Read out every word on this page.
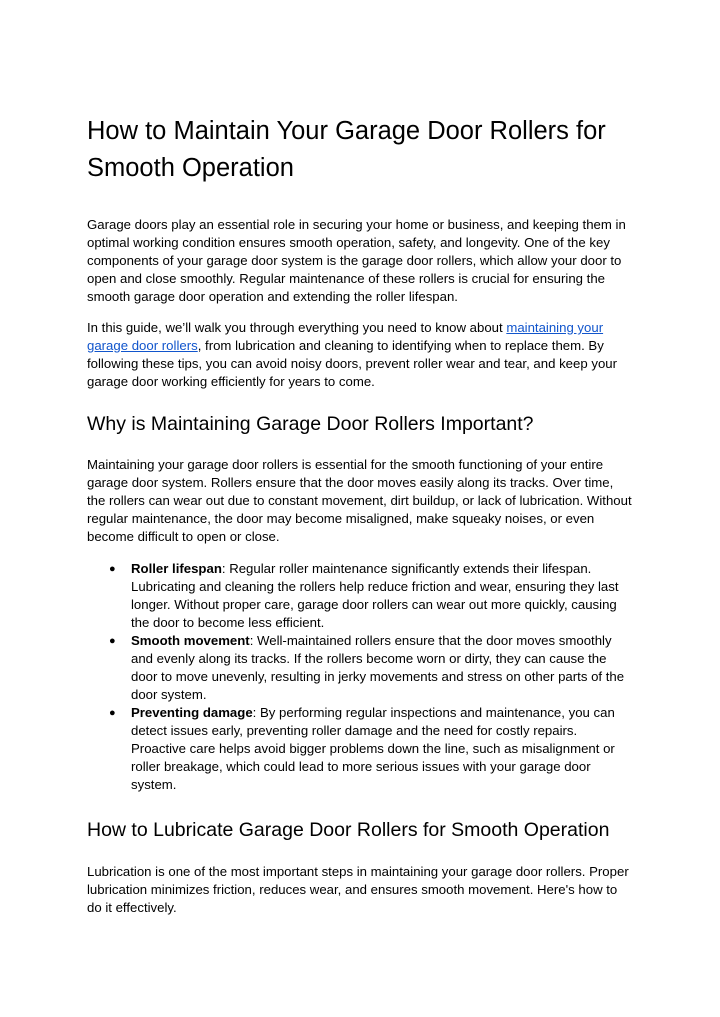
How to Maintain Your Garage Door Rollers for Smooth Operation

Garage doors play an essential role in securing your home or business, and keeping them in optimal working condition ensures smooth operation, safety, and longevity. One of the key components of your garage door system is the garage door rollers, which allow your door to open and close smoothly. Regular maintenance of these rollers is crucial for ensuring the smooth garage door operation and extending the roller lifespan.

In this guide, we’ll walk you through everything you need to know about maintaining your garage door rollers, from lubrication and cleaning to identifying when to replace them. By following these tips, you can avoid noisy doors, prevent roller wear and tear, and keep your garage door working efficiently for years to come.

Why is Maintaining Garage Door Rollers Important?

Maintaining your garage door rollers is essential for the smooth functioning of your entire garage door system. Rollers ensure that the door moves easily along its tracks. Over time, the rollers can wear out due to constant movement, dirt buildup, or lack of lubrication. Without regular maintenance, the door may become misaligned, make squeaky noises, or even become difficult to open or close.

● Roller lifespan: Regular roller maintenance significantly extends their lifespan. Lubricating and cleaning the rollers help reduce friction and wear, ensuring they last longer. Without proper care, garage door rollers can wear out more quickly, causing the door to become less efficient.
● Smooth movement: Well-maintained rollers ensure that the door moves smoothly and evenly along its tracks. If the rollers become worn or dirty, they can cause the door to move unevenly, resulting in jerky movements and stress on other parts of the door system.
● Preventing damage: By performing regular inspections and maintenance, you can detect issues early, preventing roller damage and the need for costly repairs. Proactive care helps avoid bigger problems down the line, such as misalignment or roller breakage, which could lead to more serious issues with your garage door system.
How to Lubricate Garage Door Rollers for Smooth Operation

Lubrication is one of the most important steps in maintaining your garage door rollers. Proper lubrication minimizes friction, reduces wear, and ensures smooth movement. Here's how to do it effectively.
